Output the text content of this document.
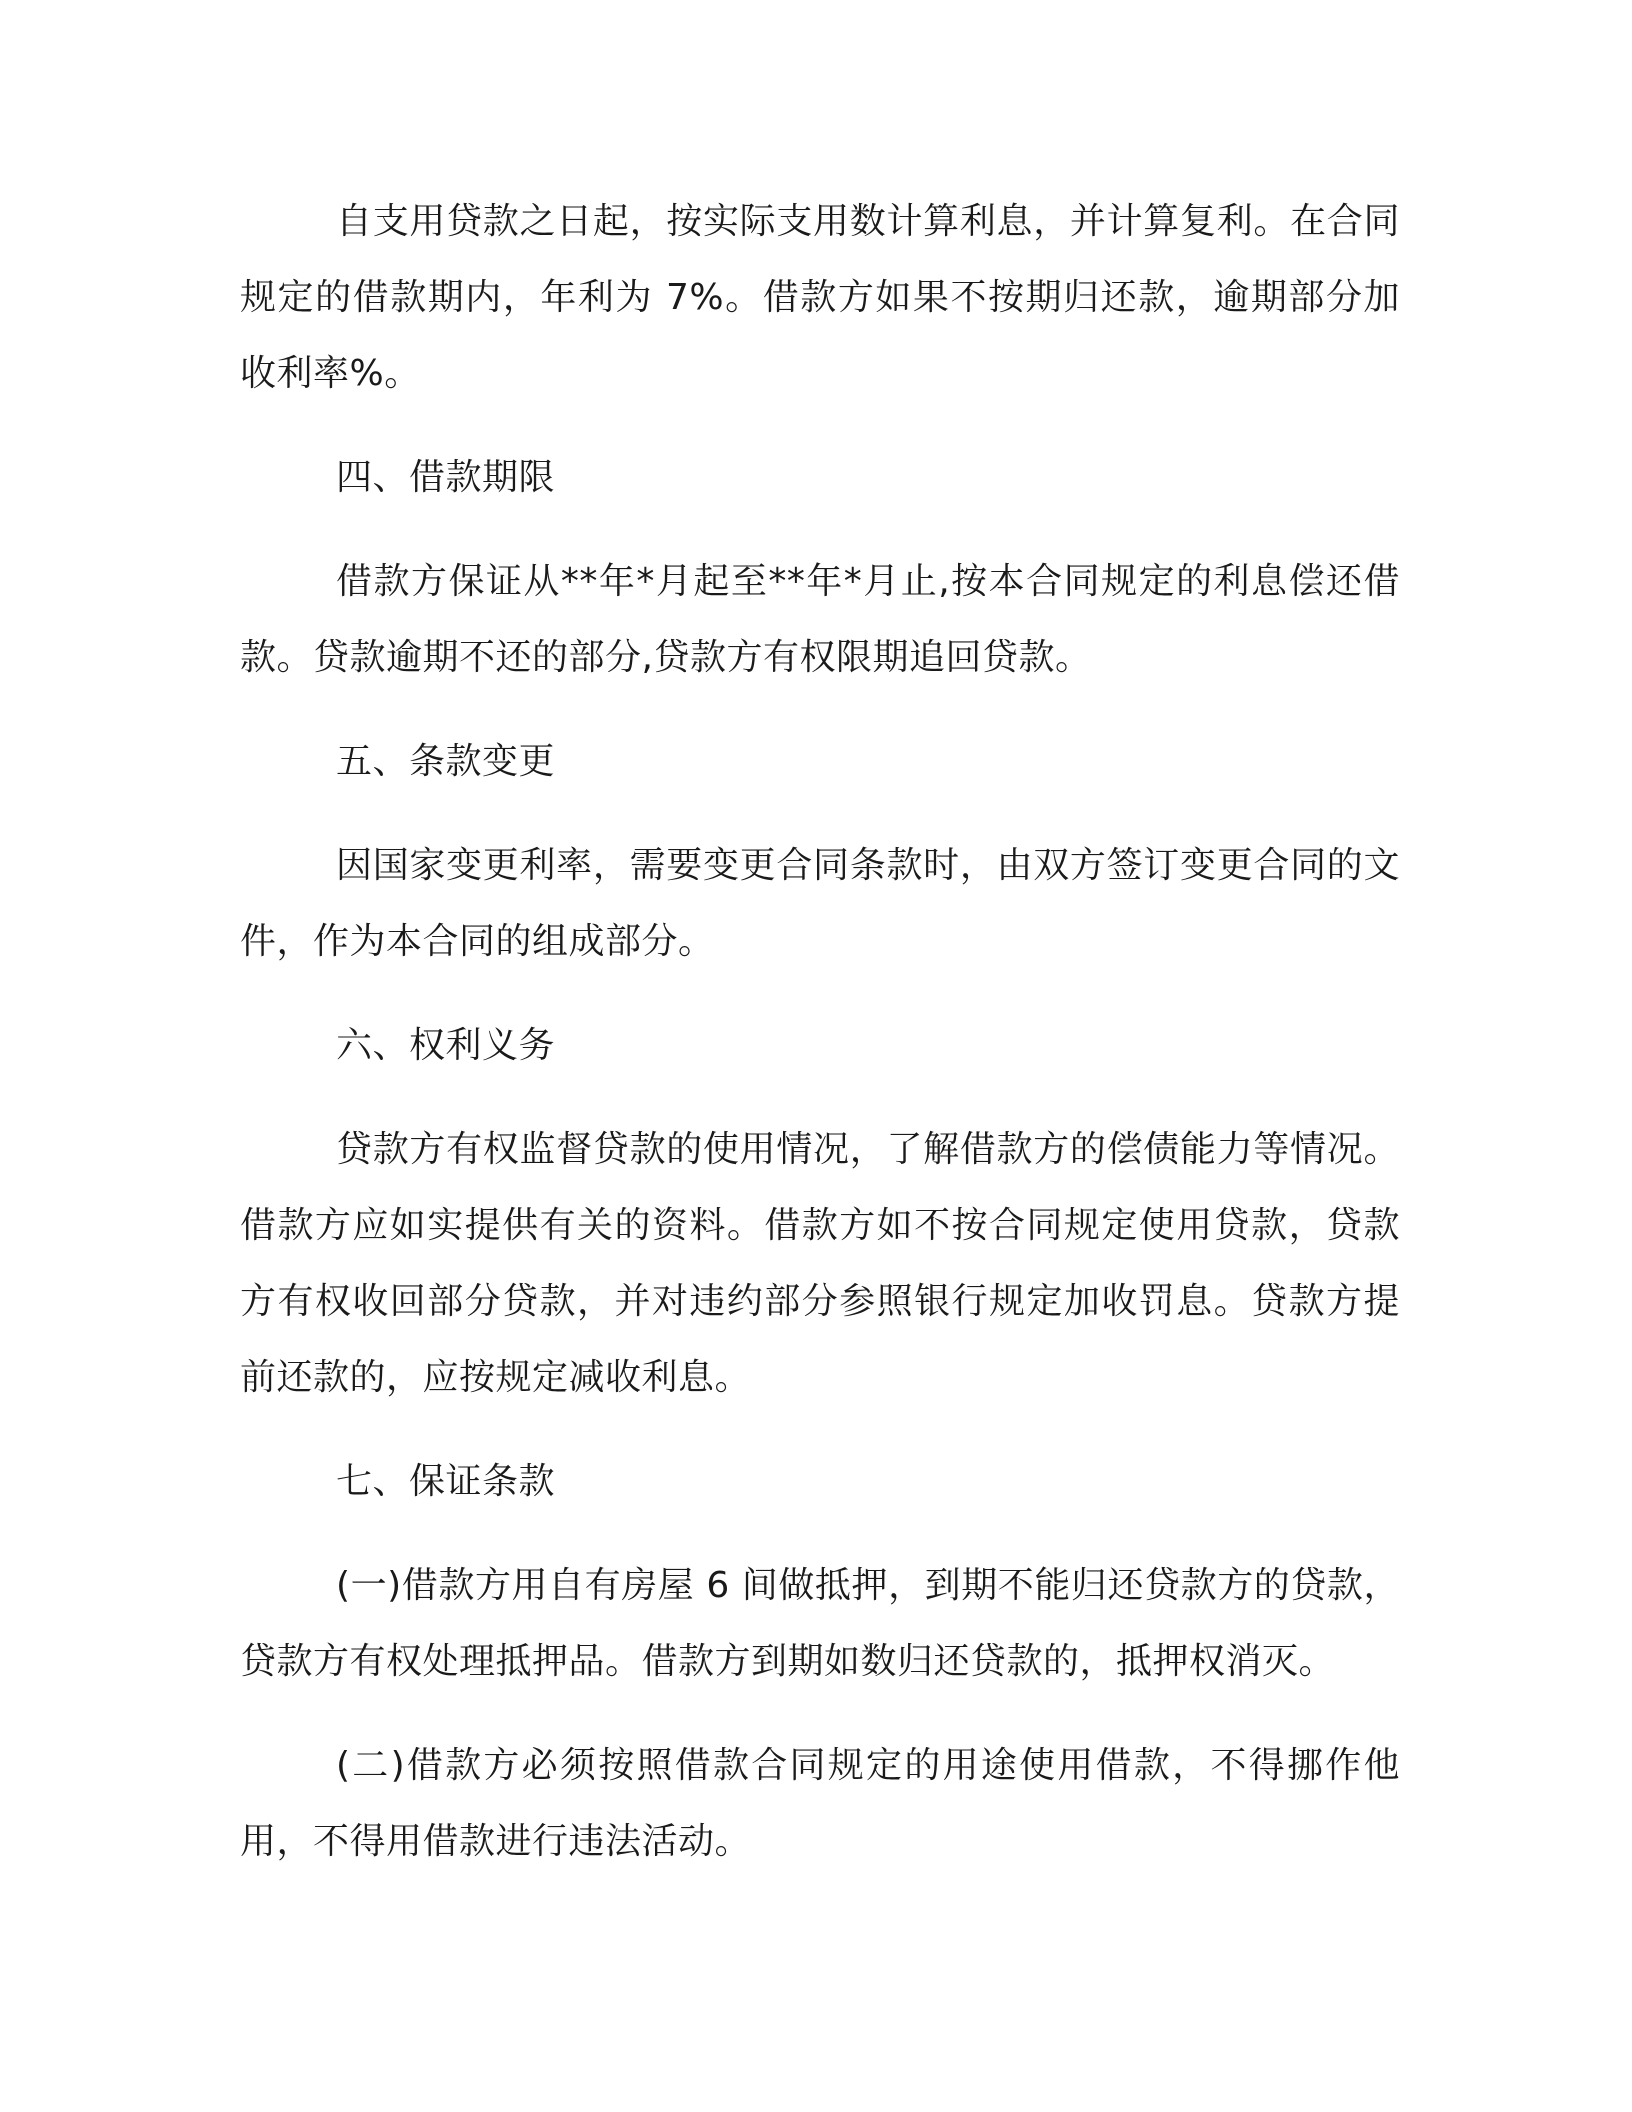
自支用贷款之日起，按实际支用数计算利息，并计算复利。在合同规定的借款期内，年利为 7%。借款方如果不按期归还款，逾期部分加收利率%。

四、借款期限

借款方保证从**年*月起至**年*月止,按本合同规定的利息偿还借款。贷款逾期不还的部分,贷款方有权限期追回贷款。

五、条款变更

因国家变更利率，需要变更合同条款时，由双方签订变更合同的文件，作为本合同的组成部分。

六、权利义务

贷款方有权监督贷款的使用情况，了解借款方的偿债能力等情况。借款方应如实提供有关的资料。借款方如不按合同规定使用贷款，贷款方有权收回部分贷款，并对违约部分参照银行规定加收罚息。贷款方提前还款的，应按规定减收利息。

七、保证条款

(一)借款方用自有房屋 6 间做抵押，到期不能归还贷款方的贷款，贷款方有权处理抵押品。借款方到期如数归还贷款的，抵押权消灭。

(二)借款方必须按照借款合同规定的用途使用借款，不得挪作他用，不得用借款进行违法活动。
